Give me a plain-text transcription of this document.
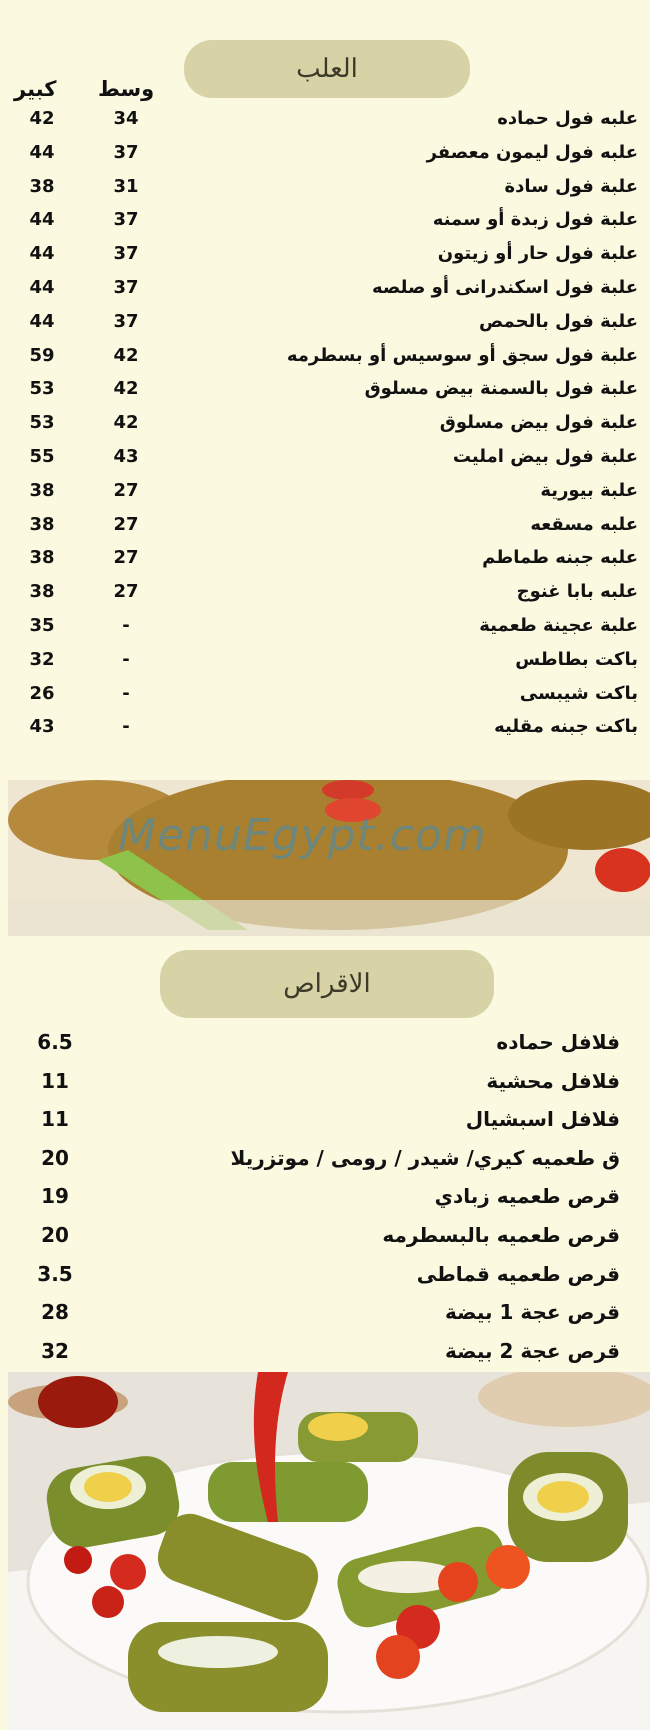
العلب
وسط
كبير
علبه فول حماده
34
42
علبه فول ليمون معصفر
37
44
علبة فول سادة
31
38
علبة فول زبدة أو سمنه
37
44
علبة فول حار أو زيتون
37
44
علبة فول اسكندرانى أو صلصه
37
44
علبة فول بالحمص
37
44
علبة فول سجق أو سوسيس أو بسطرمه
42
59
علبة فول بالسمنة بيض مسلوق
42
53
علبة فول بيض مسلوق
42
53
علبة فول بيض امليت
43
55
علبة بيورية
27
38
علبه مسقعه
27
38
علبه جبنه طماطم
27
38
علبه بابا غنوج
27
38
علبة عجينة طعمية
-
35
باكت بطاطس
-
32
باكت شيبسى
-
26
باكت جبنه مقليه
-
43
MenuEgypt.com
الاقراص
فلافل حماده
6.5
فلافل محشية
11
فلافل اسبشيال
11
ق طعميه كيري/ شيدر / رومى / موتزريلا
20
قرص طعميه زبادي
19
قرص طعميه بالبسطرمه
20
قرص طعميه قماطى
3.5
قرص عجة 1 بيضة
28
قرص عجة 2 بيضة
32
